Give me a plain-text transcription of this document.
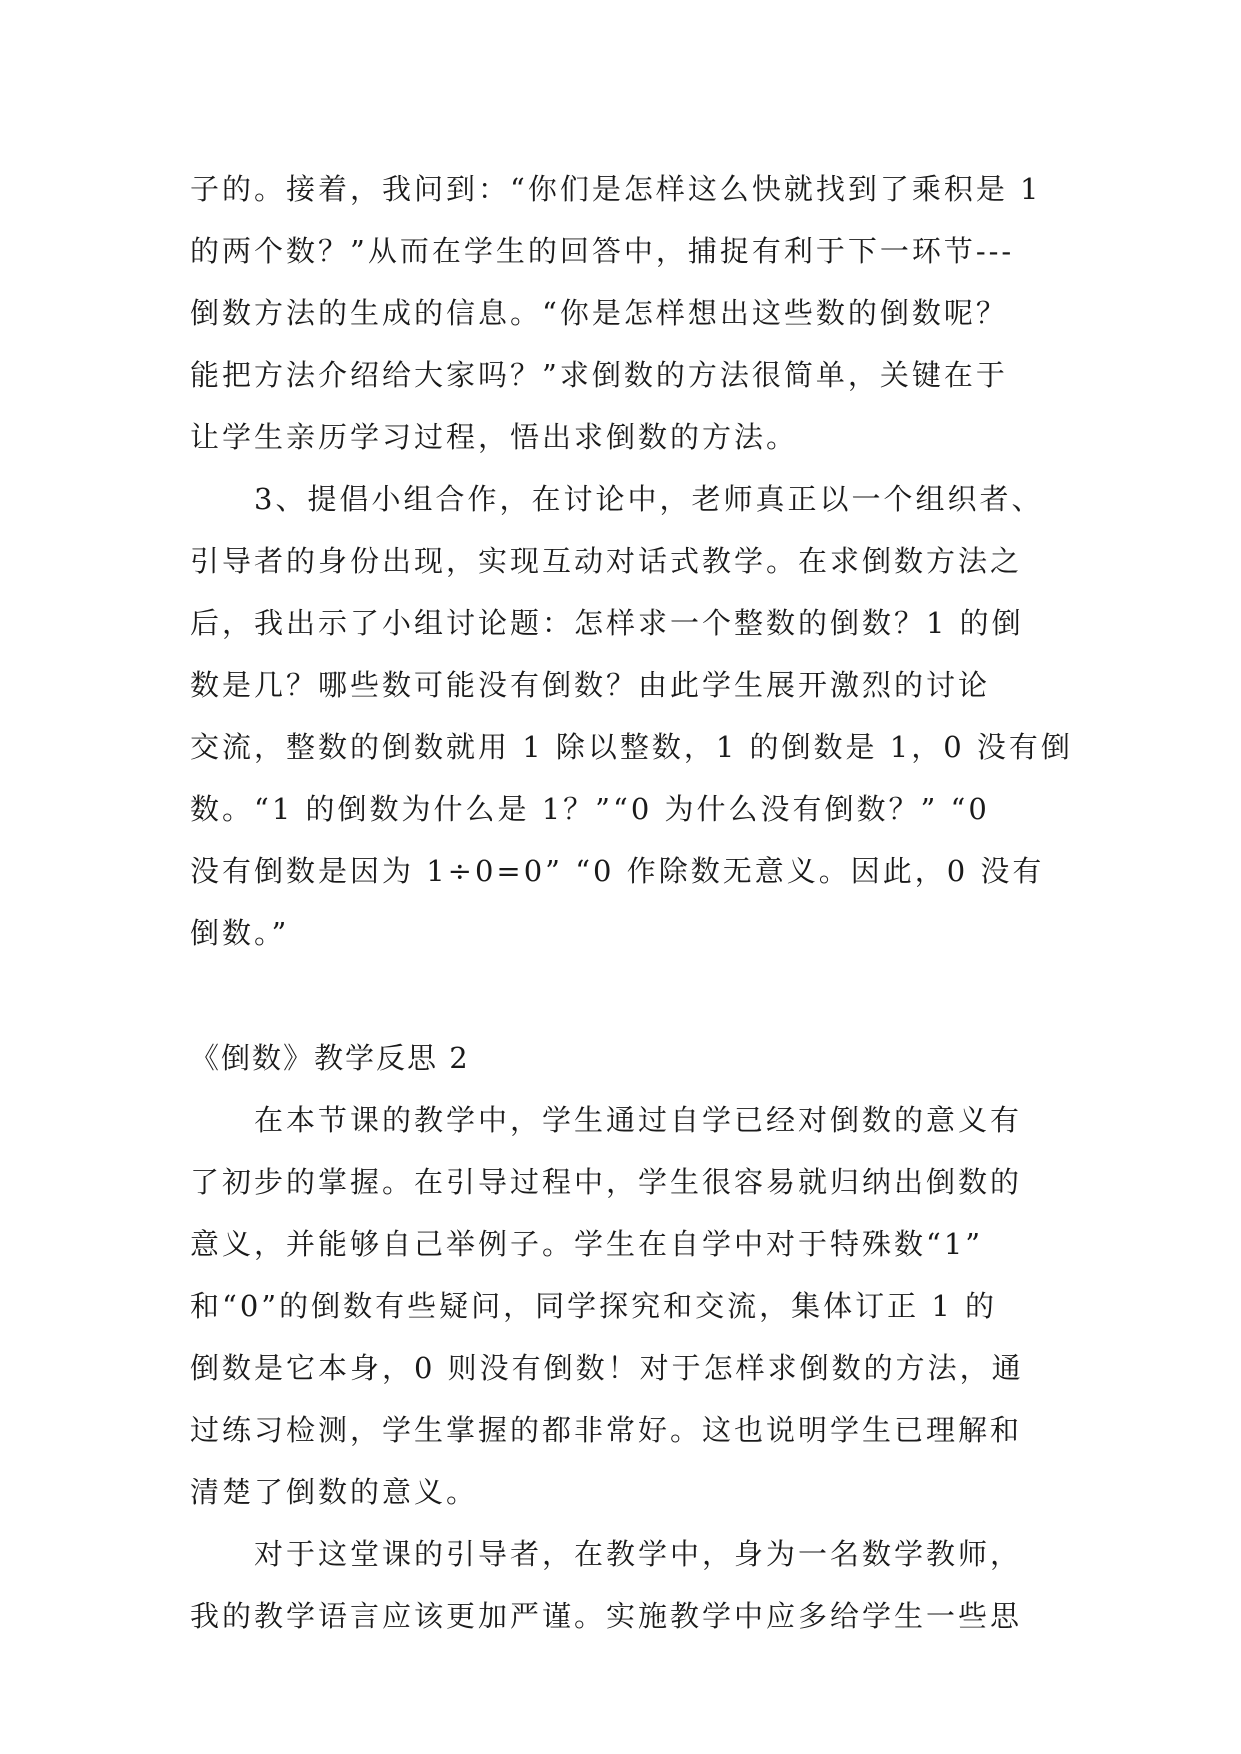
子的。接着，我问到：“你们是怎样这么快就找到了乘积是 1
的两个数？”从而在学生的回答中，捕捉有利于下一环节---
倒数方法的生成的信息。“你是怎样想出这些数的倒数呢？
能把方法介绍给大家吗？”求倒数的方法很简单，关键在于
让学生亲历学习过程，悟出求倒数的方法。
3、提倡小组合作，在讨论中，老师真正以一个组织者、
引导者的身份出现，实现互动对话式教学。在求倒数方法之
后，我出示了小组讨论题：怎样求一个整数的倒数？1 的倒
数是几？哪些数可能没有倒数？由此学生展开激烈的讨论
交流，整数的倒数就用 1 除以整数，1 的倒数是 1，0 没有倒
数。“1 的倒数为什么是 1？”“0 为什么没有倒数？” “0
没有倒数是因为 1÷0=0” “0 作除数无意义。因此，0 没有
倒数。”
《倒数》教学反思 2
在本节课的教学中，学生通过自学已经对倒数的意义有
了初步的掌握。在引导过程中，学生很容易就归纳出倒数的
意义，并能够自己举例子。学生在自学中对于特殊数“1”
和“0”的倒数有些疑问，同学探究和交流，集体订正 1 的
倒数是它本身，0 则没有倒数！对于怎样求倒数的方法，通
过练习检测，学生掌握的都非常好。这也说明学生已理解和
清楚了倒数的意义。
对于这堂课的引导者，在教学中，身为一名数学教师，
我的教学语言应该更加严谨。实施教学中应多给学生一些思
